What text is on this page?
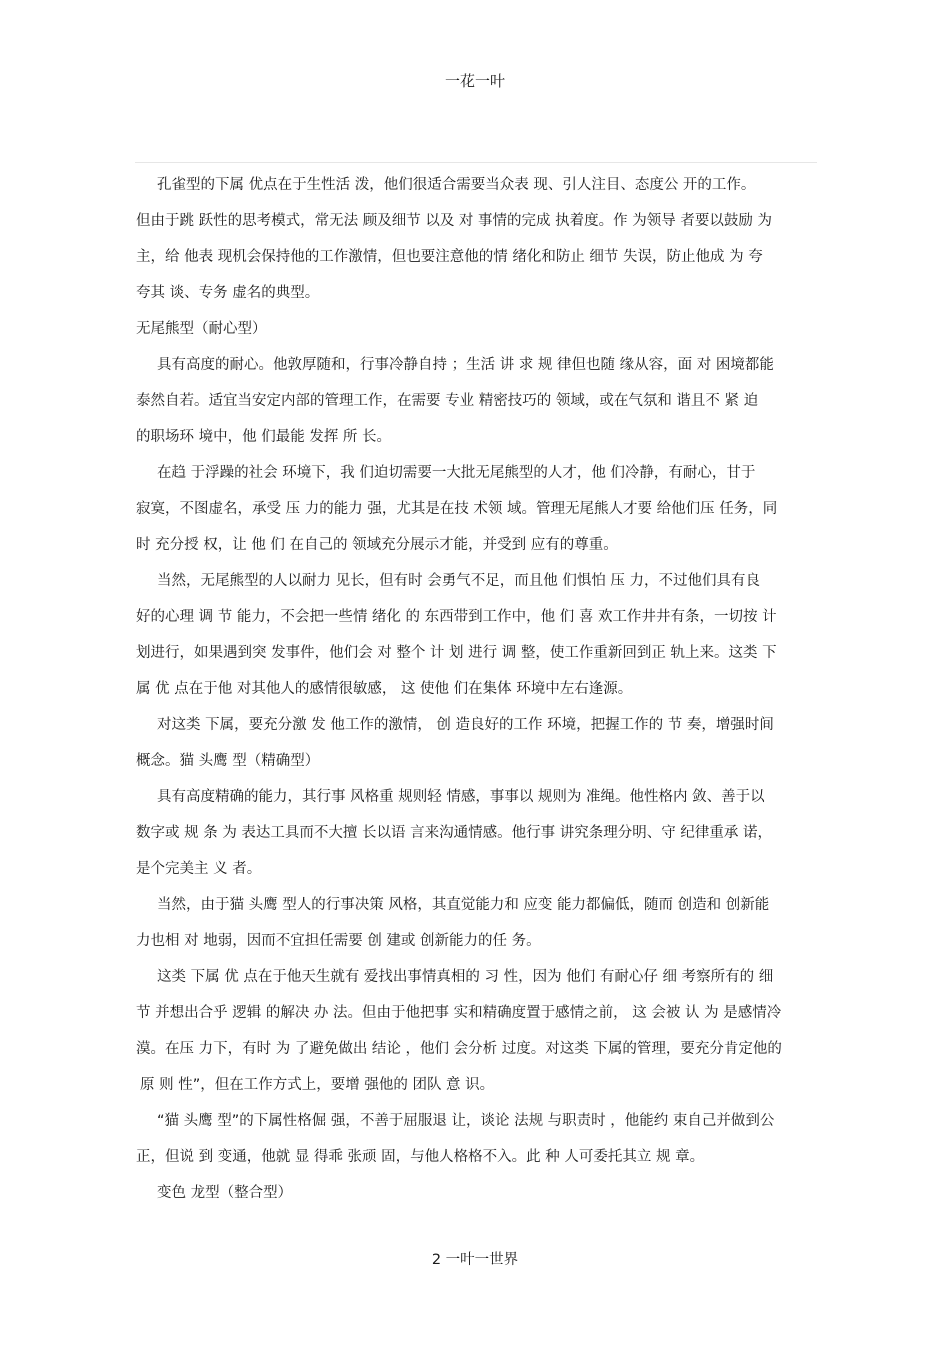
一花一叶
孔雀型的下属 优点在于生性活 泼，他们很适合需要当众表 现、引人注目、态度公 开的工作。
但由于跳 跃性的思考模式，常无法 顾及细节 以及 对 事情的完成 执着度。作 为领导 者要以鼓励 为
主，给 他表 现机会保持他的工作激情，但也要注意他的情 绪化和防止 细节 失误，防止他成 为 夸
夸其 谈、专务 虚名的典型。
无尾熊型（耐心型）
具有高度的耐心。他敦厚随和，行事冷静自持 ；生活 讲 求 规 律但也随 缘从容，面 对 困境都能
泰然自若。适宜当安定内部的管理工作，在需要 专业 精密技巧的 领域，或在气氛和 谐且不 紧 迫
的职场环 境中，他 们最能 发挥 所 长。
在趋 于浮躁的社会 环境下，我 们迫切需要一大批无尾熊型的人才，他 们冷静，有耐心，甘于
寂寞，不图虚名，承受 压 力的能力 强，尤其是在技 术领 域。管理无尾熊人才要 给他们压 任务，同
时 充分授 权，让 他 们 在自己的 领域充分展示才能，并受到 应有的尊重。
当然，无尾熊型的人以耐力 见长，但有时 会勇气不足，而且他 们惧怕 压 力，不过他们具有良
好的心理 调 节 能力，不会把一些情 绪化 的 东西带到工作中，他 们 喜 欢工作井井有条，一切按 计
划进行，如果遇到突 发事件，他们会 对 整个 计 划 进行 调 整，使工作重新回到正 轨上来。这类 下
属 优 点在于他 对其他人的感情很敏感， 这 使他 们在集体 环境中左右逢源。
对这类 下属，要充分激 发 他工作的激情， 创 造良好的工作 环境，把握工作的 节 奏，增强时间
概念。猫 头鹰 型（精确型）
具有高度精确的能力，其行事 风格重 规则轻 情感，事事以 规则为 准绳。他性格内 敛、善于以
数字或 规 条 为 表达工具而不大擅 长以语 言来沟通情感。他行事 讲究条理分明、守 纪律重承 诺，
是个完美主 义 者。
当然，由于猫 头鹰 型人的行事决策 风格，其直觉能力和 应变 能力都偏低，随而 创造和 创新能
力也相 对 地弱，因而不宜担任需要 创 建或 创新能力的任 务。
这类 下属 优 点在于他天生就有 爱找出事情真相的 习 性，因为 他们 有耐心仔 细 考察所有的 细
节 并想出合乎 逻辑 的解决 办 法。但由于他把事 实和精确度置于感情之前， 这 会被 认 为 是感情冷
漠。在压 力下，有时 为 了避免做出 结论 ，他们 会分析 过度。对这类 下属的管理，要充分肯定他的
原 则 性”，但在工作方式上，要增 强他的 团队 意 识。
“猫 头鹰 型”的下属性格倔 强，不善于屈服退 让，谈论 法规 与职责时 ，他能约 束自己并做到公
正，但说 到 变通，他就 显 得乖 张顽 固，与他人格格不入。此 种 人可委托其立 规 章。
变色 龙型（整合型）
2 一叶一世界
